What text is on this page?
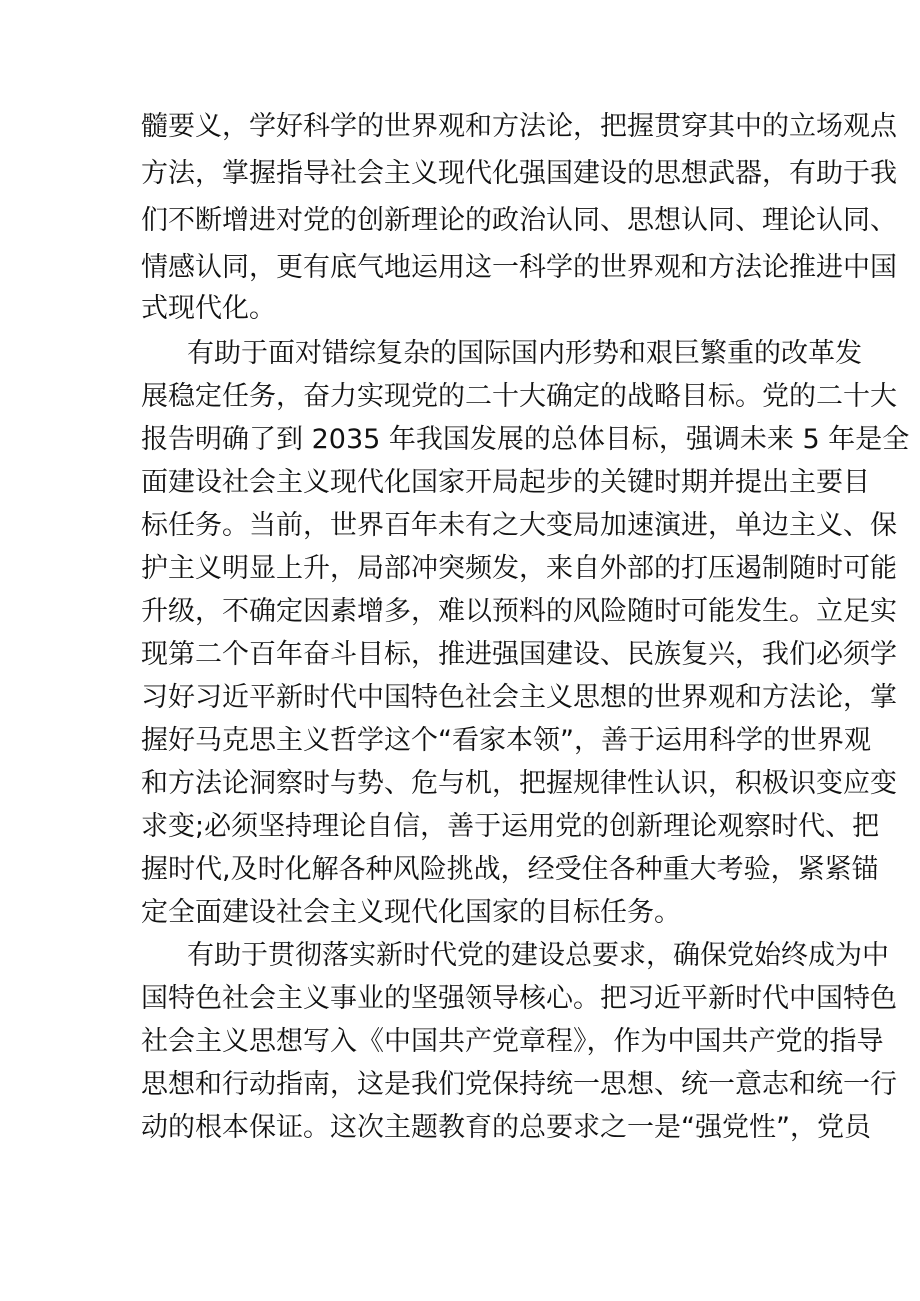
髓要义，学好科学的世界观和方法论，把握贯穿其中的立场观点
方法，掌握指导社会主义现代化强国建设的思想武器，有助于我
们不断增进对党的创新理论的政治认同、思想认同、理论认同、
情感认同，更有底气地运用这一科学的世界观和方法论推进中国
式现代化。
有助于面对错综复杂的国际国内形势和艰巨繁重的改革发
展稳定任务，奋力实现党的二十大确定的战略目标。党的二十大
报告明确了到 2035 年我国发展的总体目标，强调未来 5 年是全
面建设社会主义现代化国家开局起步的关键时期并提出主要目
标任务。当前，世界百年未有之大变局加速演进，单边主义、保
护主义明显上升，局部冲突频发，来自外部的打压遏制随时可能
升级，不确定因素增多，难以预料的风险随时可能发生。立足实
现第二个百年奋斗目标，推进强国建设、民族复兴，我们必须学
习好习近平新时代中国特色社会主义思想的世界观和方法论，掌
握好马克思主义哲学这个“看家本领”，善于运用科学的世界观
和方法论洞察时与势、危与机，把握规律性认识，积极识变应变
求变;必须坚持理论自信，善于运用党的创新理论观察时代、把
握时代,及时化解各种风险挑战，经受住各种重大考验，紧紧锚
定全面建设社会主义现代化国家的目标任务。
有助于贯彻落实新时代党的建设总要求，确保党始终成为中
国特色社会主义事业的坚强领导核心。把习近平新时代中国特色
社会主义思想写入《中国共产党章程》，作为中国共产党的指导
思想和行动指南，这是我们党保持统一思想、统一意志和统一行
动的根本保证。这次主题教育的总要求之一是“强党性”，党员
